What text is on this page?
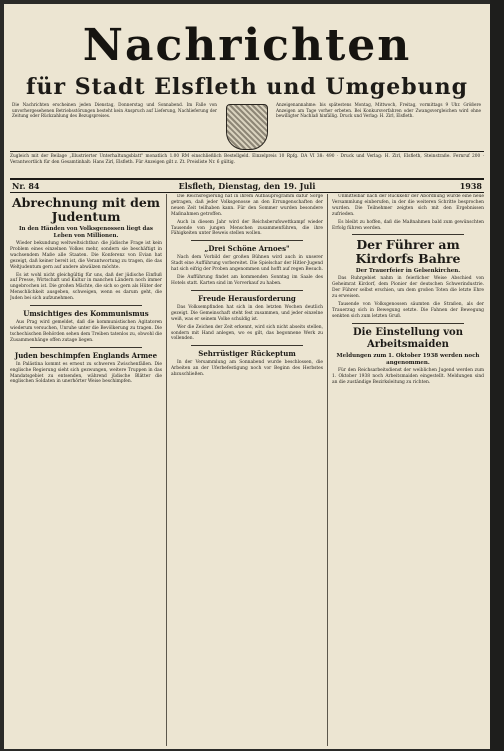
Nachrichten
für Stadt Elsfleth und Umgebung
Die Nachrichten erscheinen jeden Dienstag, Donnerstag und Sonnabend. Im Falle von unvorhergesehenen Betriebsstörungen besteht kein Anspruch auf Lieferung, Nachlieferung der Zeitung oder Rückzahlung des Bezugspreises.
Anzeigenannahme: bis spätestens Montag, Mittwoch, Freitag, vormittags 9 Uhr. Größere Anzeigen am Tage vorher erbeten. Bei Konkursverfahren oder Zwangsvergleichen wird ohne bewilligter Nachlaß hinfällig. Druck und Verlag: H. Zirl, Elsfleth.
Zugleich mit der Beilage „Illustrierter Unterhaltungsblatt" monatlich 1.00 RM einschließlich Bestellgeld. Einzelpreis 10 Rpfg. DA VI 38: 490 · Druck und Verlag: H. Zirl, Elsfleth, Steinstraße. Fernruf 200 · Verantwortlich für den Gesamtinhalt: Hans Zirl, Elsfleth. Für Anzeigen gilt z. Zt. Preisliste Nr. 6 gültig.
Nr. 84	Elsfleth, Dienstag, den 19. Juli	1938
Abrechnung mit dem Judentum
In den Händen von Volksgenossen liegt das Leben von Millionen.

Wieder bekundung weltweltsichtbar: die jüdische Frage ist kein Problem eines einzelnen Volkes mehr, sondern sie beschäftigt in wachsendem Maße alle Staaten. Die Konferenz von Evian hat gezeigt, daß keiner bereit ist, die Verantwortung zu tragen, die das Weltjudentum gern auf andere abwälzen möchte.

Es ist wohl nicht gleichgültig für uns, daß der jüdische Einfluß auf Presse, Wirtschaft und Kultur in manchen Ländern noch immer ungebrochen ist. Die großen Mächte, die sich so gern als Hüter der Menschlichkeit ausgeben, schweigen, wenn es darum geht, die Juden bei sich aufzunehmen.

Umsichtiges des Kommunismus

Aus Prag wird gemeldet, daß die kommunistischen Agitatoren wiederum versuchen, Unruhe unter die Bevölkerung zu tragen. Die tschechischen Behörden sehen dem Treiben tatenlos zu, obwohl die Zusammenhänge offen zutage liegen.

Juden beschimpfen Englands Armee

In Palästina kommt es erneut zu schweren Zwischenfällen. Die englische Regierung sieht sich gezwungen, weitere Truppen in das Mandatsgebiet zu entsenden, während jüdische Blätter die englischen Soldaten in unerhörter Weise beschimpfen.

Die Reichsregierung hat in ihrem Aufbauprogramm dafür Sorge getragen, daß jeder Volksgenosse an den Errungenschaften der neuen Zeit teilhaben kann. Für den Sommer wurden besondere Maßnahmen getroffen.

Auch in diesem Jahr wird der Reichsberufswettkampf wieder Tausende von jungen Menschen zusammenführen, die ihre Fähigkeiten unter Beweis stellen wollen.

„Drei Schöne Arnoes"

Nach dem Vorbild der großen Bühnen wird auch in unserer Stadt eine Aufführung vorbereitet. Die Spielschar der Hitler-Jugend hat sich eifrig der Proben angenommen und hofft auf regen Besuch.

Die Aufführung findet am kommenden Sonntag im Saale des Hotels statt. Karten sind im Vorverkauf zu haben.

Freude Herausforderung

Das Volksempfinden hat sich in den letzten Wochen deutlich gezeigt. Die Gemeinschaft steht fest zusammen, und jeder einzelne weiß, was er seinem Volke schuldig ist.

Wer die Zeichen der Zeit erkennt, wird sich nicht abseits stellen, sondern mit Hand anlegen, wo es gilt, das begonnene Werk zu vollenden.

Sehrrüstiger Rückeptum

In der Versammlung am Sonnabend wurde beschlossen, die Arbeiten an der Uferbefestigung noch vor Beginn des Herbstes abzuschließen.

Unmittelbar nach der Rückkehr der Abordnung wurde eine neue Versammlung einberufen, in der die weiteren Schritte besprochen wurden. Die Teilnehmer zeigten sich mit den Ergebnissen zufrieden.

Es bleibt zu hoffen, daß die Maßnahmen bald zum gewünschten Erfolg führen werden.

Der Führer am Kirdorfs Bahre
Der Trauerfeier in Gelsenkirchen.

Das Ruhrgebiet nahm in feierlicher Weise Abschied von Geheimrat Kirdorf, dem Pionier der deutschen Schwerindustrie. Der Führer selbst erschien, um dem großen Toten die letzte Ehre zu erweisen.

Tausende von Volksgenossen säumten die Straßen, als der Trauerzug sich in Bewegung setzte. Die Fahnen der Bewegung senkten sich zum letzten Gruß.

Die Einstellung von Arbeitsmaiden
Meldungen zum 1. Oktober 1938 werden noch angenommen.

Für den Reichsarbeitsdienst der weiblichen Jugend werden zum 1. Oktober 1938 noch Arbeitsmaiden eingestellt. Meldungen sind an die zuständige Bezirksleitung zu richten.
